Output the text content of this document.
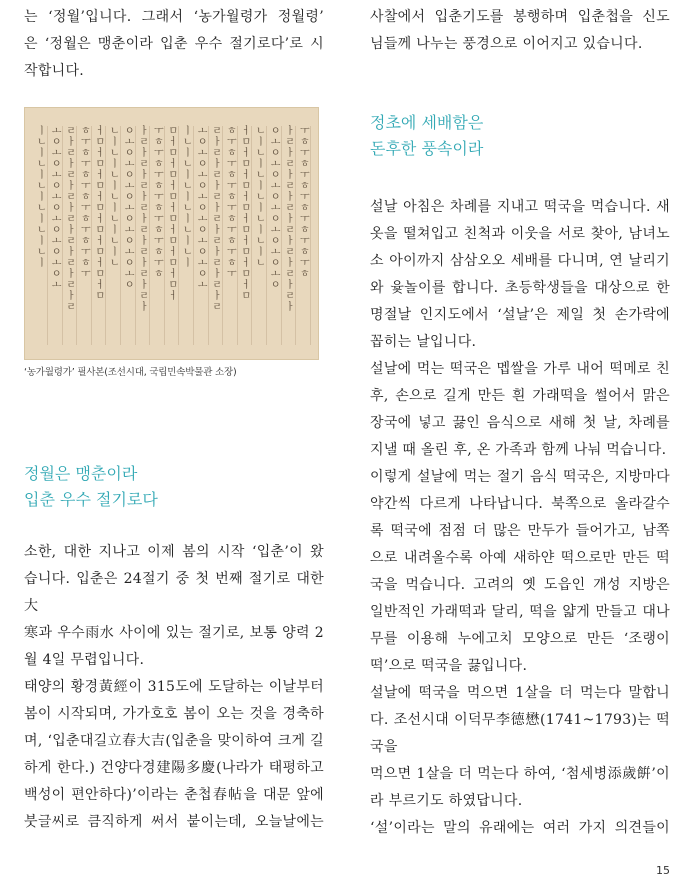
는 ‘정월’입니다. 그래서 ‘농가월령가 정월령’

은 ‘정월은 맹춘이라 입춘 우수 절기로다’로 시

작합니다.

ㅣㄴㅣㄴㅣㄴㅣㄴㅣㄴㅣㄴㅣ
ㅗㅇㅗㅇㅗㅇㅗㅇㅗㅇㅗㅇㅗㅇㅗ
ㄹㅏㄹㅏㄹㅏㄹㅏㄹㅏㄹㅏㄹㅏㄹㅏㄹ
ㅎㅜㅎㅜㅎㅜㅎㅜㅎㅜㅎㅜㅎㅜ
ㅓㅁㅓㅁㅓㅁㅓㅁㅓㅁㅓㅁㅓㅁㅓㅁ
ㄴㅣㄴㅣㄴㅣㄴㅣㄴㅣㄴㅣㄴ
ㅇㅗㅇㅗㅇㅗㅇㅗㅇㅗㅇㅗㅇㅗㅇ
ㅏㄹㅏㄹㅏㄹㅏㄹㅏㄹㅏㄹㅏㄹㅏㄹㅏ
ㅜㅎㅜㅎㅜㅎㅜㅎㅜㅎㅜㅎㅜㅎ
ㅁㅓㅁㅓㅁㅓㅁㅓㅁㅓㅁㅓㅁㅓㅁㅓ
ㅣㄴㅣㄴㅣㄴㅣㄴㅣㄴㅣㄴㅣ
ㅗㅇㅗㅇㅗㅇㅗㅇㅗㅇㅗㅇㅗㅇㅗ
ㄹㅏㄹㅏㄹㅏㄹㅏㄹㅏㄹㅏㄹㅏㄹㅏㄹ
ㅎㅜㅎㅜㅎㅜㅎㅜㅎㅜㅎㅜㅎㅜ
ㅓㅁㅓㅁㅓㅁㅓㅁㅓㅁㅓㅁㅓㅁㅓㅁ
ㄴㅣㄴㅣㄴㅣㄴㅣㄴㅣㄴㅣㄴ
ㅇㅗㅇㅗㅇㅗㅇㅗㅇㅗㅇㅗㅇㅗㅇ
ㅏㄹㅏㄹㅏㄹㅏㄹㅏㄹㅏㄹㅏㄹㅏㄹㅏ
ㅜㅎㅜㅎㅜㅎㅜㅎㅜㅎㅜㅎㅜㅎ

‘농가월령가’ 필사본(조선시대, 국립민속박물관 소장)

정월은 맹춘이라

입춘 우수 절기로다

소한, 대한 지나고 이제 봄의 시작 ‘입춘’이 왔

습니다. 입춘은 24절기 중 첫 번째 절기로 대한大

寒과 우수雨水 사이에 있는 절기로, 보통 양력 2

월 4일 무렵입니다.

태양의 황경黃經이 315도에 도달하는 이날부터

봄이 시작되며, 가가호호 봄이 오는 것을 경축하

며, ‘입춘대길立春大吉(입춘을 맞이하여 크게 길

하게 한다.) 건양다경建陽多慶(나라가 태평하고

백성이 편안하다)’이라는 춘첩春帖을 대문 앞에

붓글씨로 큼직하게 써서 붙이는데, 오늘날에는

사찰에서 입춘기도를 봉행하며 입춘첩을 신도

님들께 나누는 풍경으로 이어지고 있습니다.

정초에 세배함은

돈후한 풍속이라

설날 아침은 차례를 지내고 떡국을 먹습니다. 새

옷을 떨쳐입고 친척과 이웃을 서로 찾아, 남녀노

소 아이까지 삼삼오오 세배를 다니며, 연 날리기

와 윷놀이를 합니다. 초등학생들을 대상으로 한

명절날 인지도에서 ‘설날’은 제일 첫 손가락에

꼽히는 날입니다.

설날에 먹는 떡국은 멥쌀을 가루 내어 떡메로 친

후, 손으로 길게 만든 흰 가래떡을 썰어서 맑은

장국에 넣고 끓인 음식으로 새해 첫 날, 차례를

지낼 때 올린 후, 온 가족과 함께 나눠 먹습니다.

이렇게 설날에 먹는 절기 음식 떡국은, 지방마다

약간씩 다르게 나타납니다. 북쪽으로 올라갈수

록 떡국에 점점 더 많은 만두가 들어가고, 남쪽

으로 내려올수록 아예 새하얀 떡으로만 만든 떡

국을 먹습니다. 고려의 옛 도읍인 개성 지방은

일반적인 가래떡과 달리, 떡을 얇게 만들고 대나

무를 이용해 누에고치 모양으로 만든 ‘조랭이

떡’으로 떡국을 끓입니다.

설날에 떡국을 먹으면 1살을 더 먹는다 말합니

다. 조선시대 이덕무李德懋(1741~1793)는 떡국을

먹으면 1살을 더 먹는다 하여, ‘첨세병添歲餠’이

라 부르기도 하였답니다.

‘설’이라는 말의 유래에는 여러 가지 의견들이

15
